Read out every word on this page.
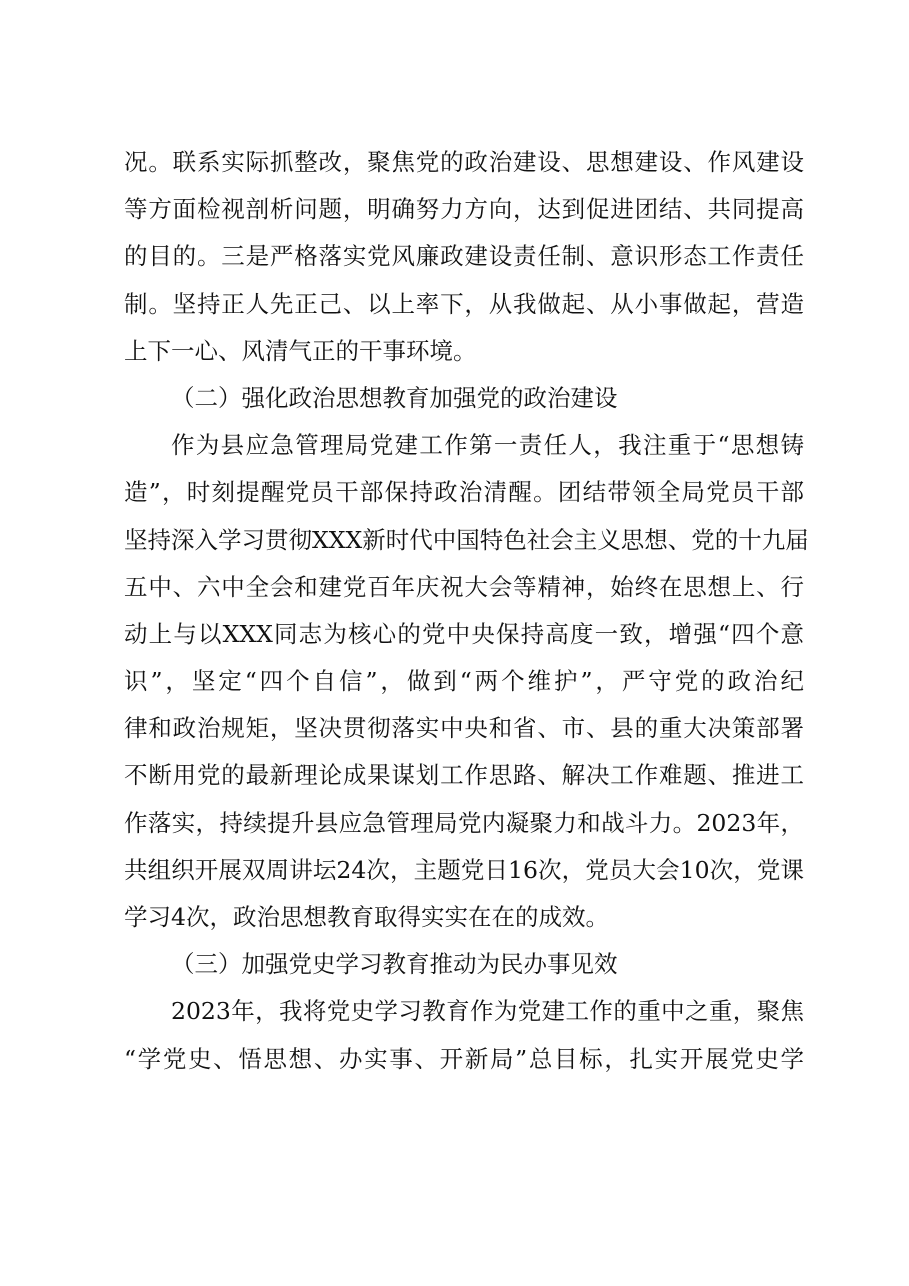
况。联系实际抓整改，聚焦党的政治建设、思想建设、作风建设
等方面检视剖析问题，明确努力方向，达到促进团结、共同提高
的目的。三是严格落实党风廉政建设责任制、意识形态工作责任
制。坚持正人先正己、以上率下，从我做起、从小事做起，营造
上下一心、风清气正的干事环境。
（二）强化政治思想教育加强党的政治建设
作为县应急管理局党建工作第一责任人，我注重于“思想铸
造”，时刻提醒党员干部保持政治清醒。团结带领全局党员干部
坚持深入学习贯彻XXX新时代中国特色社会主义思想、党的十九届
五中、六中全会和建党百年庆祝大会等精神，始终在思想上、行
动上与以XXX同志为核心的党中央保持高度一致，增强“四个意
识”，坚定“四个自信”，做到“两个维护”，严守党的政治纪
律和政治规矩，坚决贯彻落实中央和省、市、县的重大决策部署
不断用党的最新理论成果谋划工作思路、解决工作难题、推进工
作落实，持续提升县应急管理局党内凝聚力和战斗力。2023年，
共组织开展双周讲坛24次，主题党日16次，党员大会10次，党课
学习4次，政治思想教育取得实实在在的成效。
（三）加强党史学习教育推动为民办事见效
2023年，我将党史学习教育作为党建工作的重中之重，聚焦
“学党史、悟思想、办实事、开新局”总目标，扎实开展党史学
